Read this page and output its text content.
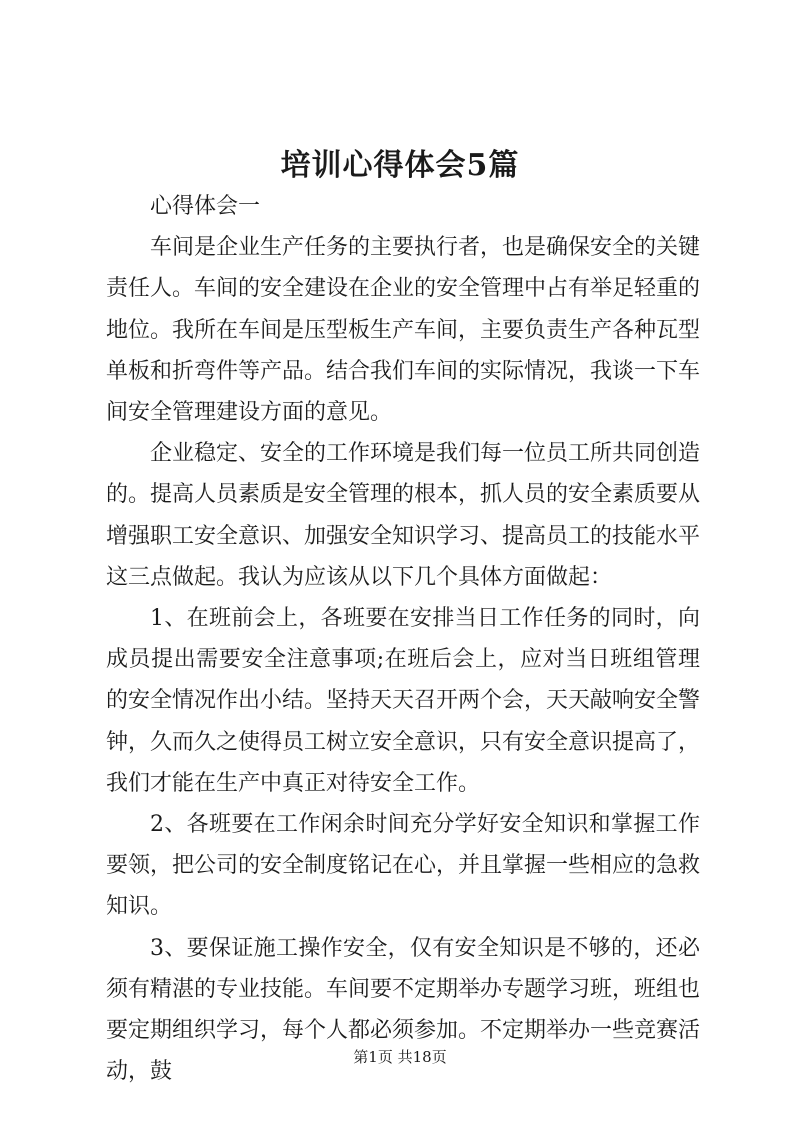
培训心得体会5篇

心得体会一

车间是企业生产任务的主要执行者，也是确保安全的关键责任人。车间的安全建设在企业的安全管理中占有举足轻重的地位。我所在车间是压型板生产车间，主要负责生产各种瓦型单板和折弯件等产品。结合我们车间的实际情况，我谈一下车间安全管理建设方面的意见。

企业稳定、安全的工作环境是我们每一位员工所共同创造的。提高人员素质是安全管理的根本，抓人员的安全素质要从增强职工安全意识、加强安全知识学习、提高员工的技能水平这三点做起。我认为应该从以下几个具体方面做起：

1、在班前会上，各班要在安排当日工作任务的同时，向成员提出需要安全注意事项;在班后会上，应对当日班组管理的安全情况作出小结。坚持天天召开两个会，天天敲响安全警钟，久而久之使得员工树立安全意识，只有安全意识提高了，我们才能在生产中真正对待安全工作。

2、各班要在工作闲余时间充分学好安全知识和掌握工作要领，把公司的安全制度铭记在心，并且掌握一些相应的急救知识。

3、要保证施工操作安全，仅有安全知识是不够的，还必须有精湛的专业技能。车间要不定期举办专题学习班，班组也要定期组织学习，每个人都必须参加。不定期举办一些竞赛活动，鼓

第1页 共18页
